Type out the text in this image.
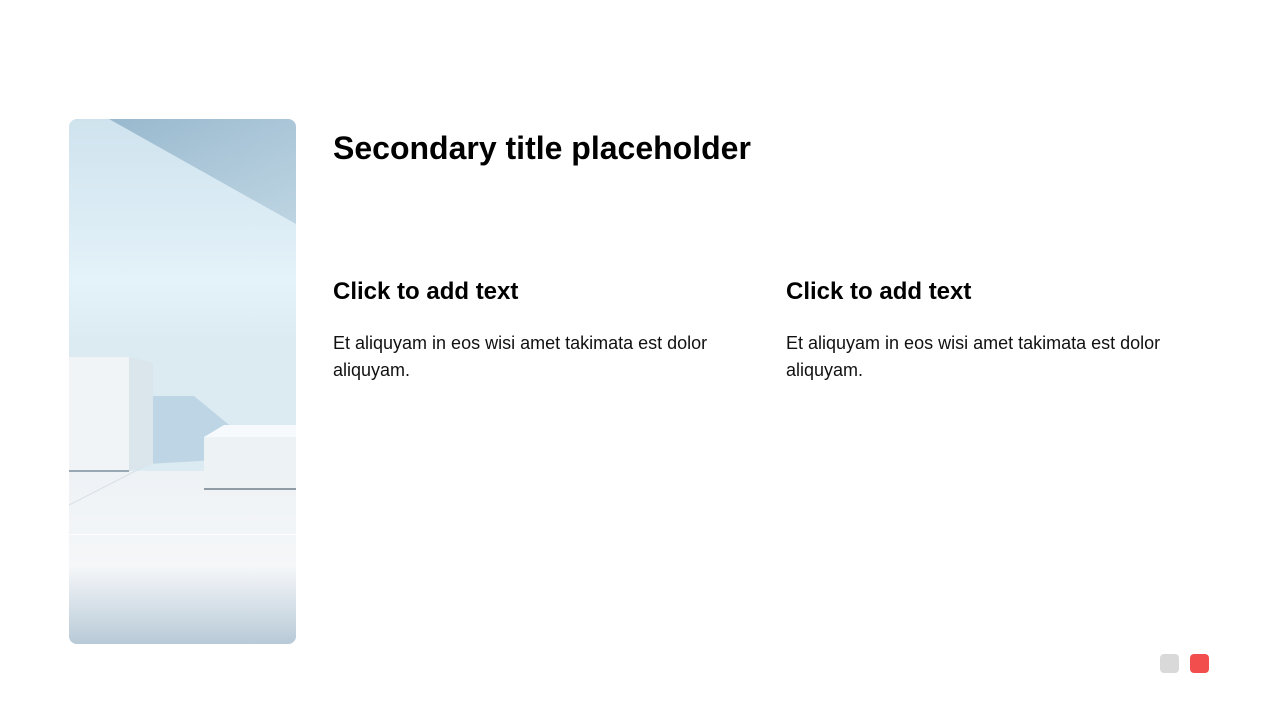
Secondary title placeholder
Click to add text

Et aliquyam in eos wisi amet takimata est dolor aliquyam.

Click to add text

Et aliquyam in eos wisi amet takimata est dolor aliquyam.
